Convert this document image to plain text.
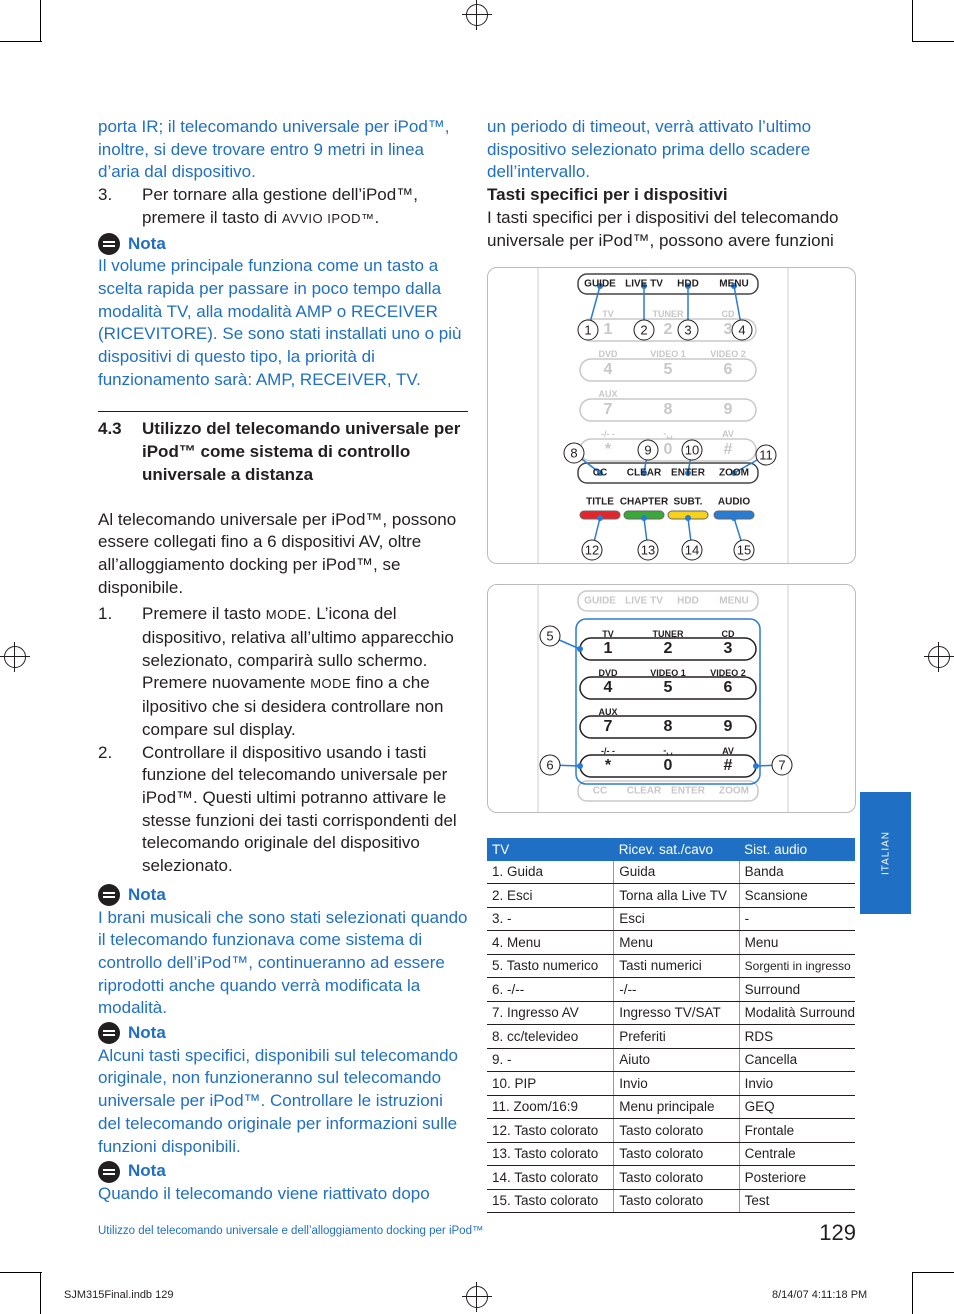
porta IR; il telecomando universale per iPod™, inoltre, si deve trovare entro 9 metri in linea d’aria dal dispositivo.

3.	Per tornare alla gestione dell’iPod™, premere il tasto di AVVIO IPOD™.
Nota

Il volume principale funziona come un tasto a scelta rapida per passare in poco tempo dalla modalità TV, alla modalità AMP o RECEIVER (RICEVITORE). Se sono stati installati uno o più dispositivi di questo tipo, la priorità di funzionamento sarà: AMP, RECEIVER, TV.

4.3	Utilizzo del telecomando universale per iPod™ come sistema di controllo universale a distanza

Al telecomando universale per iPod™, possono essere collegati fino a 6 dispositivi AV, oltre all’alloggiamento docking per iPod™, se disponibile.

1.	Premere il tasto MODE. L’icona del dispositivo, relativa all’ultimo apparecchio selezionato, comparirà sullo schermo. Premere nuovamente MODE fino a che ilpositivo che si desidera controllare non compare sul display.
2.	Controllare il dispositivo usando i tasti funzione del telecomando universale per iPod™. Questi ultimi potranno attivare le stesse funzioni dei tasti corrispondenti del telecomando originale del dispositivo selezionato.
Nota

I brani musicali che sono stati selezionati quando il telecomando funzionava come sistema di controllo dell’iPod™, continueranno ad essere riprodotti anche quando verrà modificata la modalità.

Nota

Alcuni tasti specifici, disponibili sul telecomando originale, non funzioneranno sul telecomando universale per iPod™. Controllare le istruzioni del telecomando originale per informazioni sulle funzioni disponibili.

Nota

Quando il telecomando viene riattivato dopo

un periodo di timeout, verrà attivato l’ultimo dispositivo selezionato prima dello scadere dell’intervallo.

Tasti specifici per i dispositivi

I tasti specifici per i dispositivi del telecomando universale per iPod™, possono avere funzioni

GUIDE LIVE TV HDD MENU
TV	TUNER	CD
1	2	3
DVD	VIDEO 1	VIDEO 2
4	5	6
AUX
7	8	9
-/- -	-␣	AV
*	0	#
CC CLEAR ENTER ZOOM
TITLE CHAPTER SUBT. AUDIO
1	2	3	4
8	9	10	11
12	13 14	15
GUIDE LIVE TV HDD MENU
TV	TUNER	CD
1	2	3
DVD	VIDEO 1	VIDEO 2
4	5	6
AUX
7	8	9
-/- -	-␣	AV
*	0	#
CC CLEAR ENTER ZOOM
5
6	7
TV	Ricev. sat./cavo	Sist. audio
1. Guida	Guida	Banda
2. Esci	Torna alla Live TV	Scansione
3. -	Esci	-
4. Menu	Menu	Menu
5. Tasto numerico	Tasti numerici	Sorgenti in ingresso
6. -/--	-/--	Surround
7. Ingresso AV	Ingresso TV/SAT	Modalità Surround
8. cc/televideo	Preferiti	RDS
9. -	Aiuto	Cancella
10. PIP	Invio	Invio
11. Zoom/16:9	Menu principale	GEQ
12. Tasto colorato	Tasto colorato	Frontale
13. Tasto colorato	Tasto colorato	Centrale
14. Tasto colorato	Tasto colorato	Posteriore
15. Tasto colorato	Tasto colorato	Test
ITALIAN
Utilizzo del telecomando universale e dell’alloggiamento docking per iPod™	129
SJM315Final.indb 129	8/14/07 4:11:18 PM
